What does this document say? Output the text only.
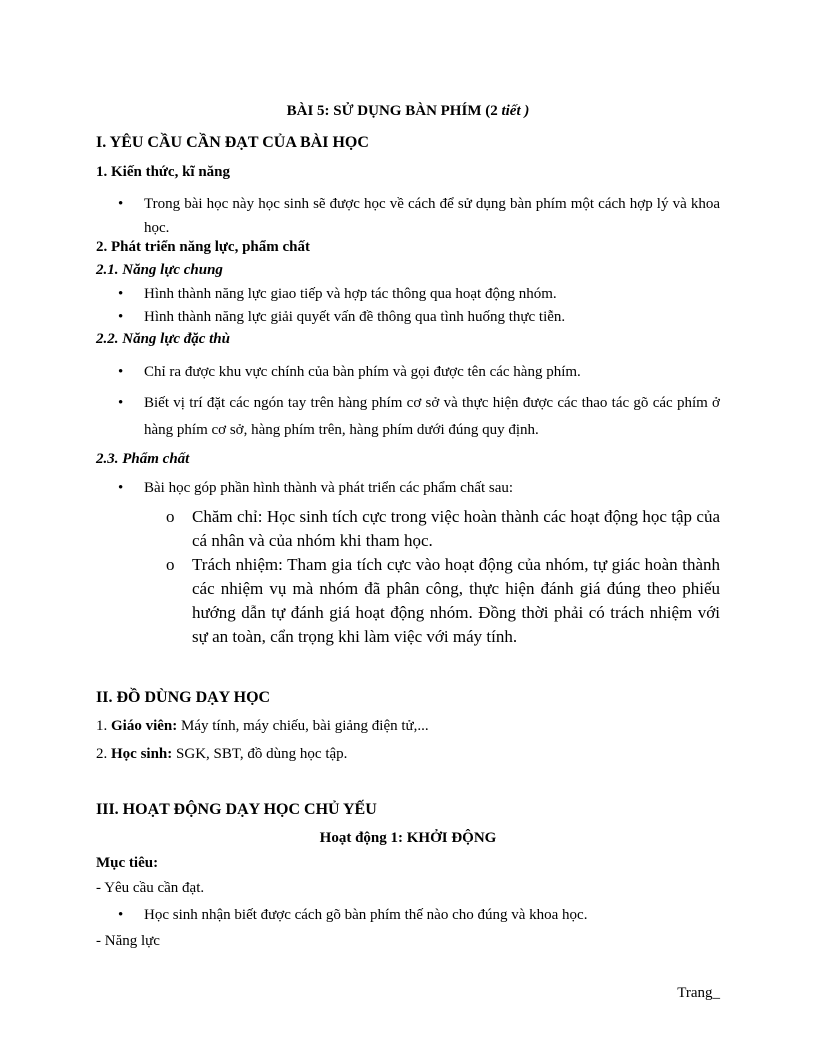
BÀI 5: SỬ DỤNG BÀN PHÍM (2 tiết )

I. YÊU CẦU CẦN ĐẠT CỦA BÀI HỌC

1. Kiến thức, kĩ năng

• Trong bài học này học sinh sẽ được học về cách để sử dụng bàn phím một cách hợp lý và khoa học.

2. Phát triển năng lực, phẩm chất

2.1. Năng lực chung

• Hình thành năng lực giao tiếp và hợp tác thông qua hoạt động nhóm.

• Hình thành năng lực giải quyết vấn đề thông qua tình huống thực tiễn.

2.2. Năng lực đặc thù

• Chỉ ra được khu vực chính của bàn phím và gọi được tên các hàng phím.

• Biết vị trí đặt các ngón tay trên hàng phím cơ sở và thực hiện được các thao tác gõ các phím ở hàng phím cơ sở, hàng phím trên, hàng phím dưới đúng quy định.

2.3. Phẩm chất

• Bài học góp phần hình thành và phát triển các phẩm chất sau:

o Chăm chỉ: Học sinh tích cực trong việc hoàn thành các hoạt động học tập của cá nhân và của nhóm khi tham học.

o Trách nhiệm: Tham gia tích cực vào hoạt động của nhóm, tự giác hoàn thành các nhiệm vụ mà nhóm đã phân công, thực hiện đánh giá đúng theo phiếu hướng dẫn tự đánh giá hoạt động nhóm. Đồng thời phải có trách nhiệm với sự an toàn, cẩn trọng khi làm việc với máy tính.

II. ĐỒ DÙNG DẠY HỌC

1. Giáo viên: Máy tính, máy chiếu, bài giảng điện tử,...

2. Học sinh: SGK, SBT, đồ dùng học tập.

III. HOẠT ĐỘNG DẠY HỌC CHỦ YẾU

Hoạt động 1: KHỞI ĐỘNG

Mục tiêu:

- Yêu cầu cần đạt.

• Học sinh nhận biết được cách gõ bàn phím thế nào cho đúng và khoa học.

- Năng lực

Trang_
